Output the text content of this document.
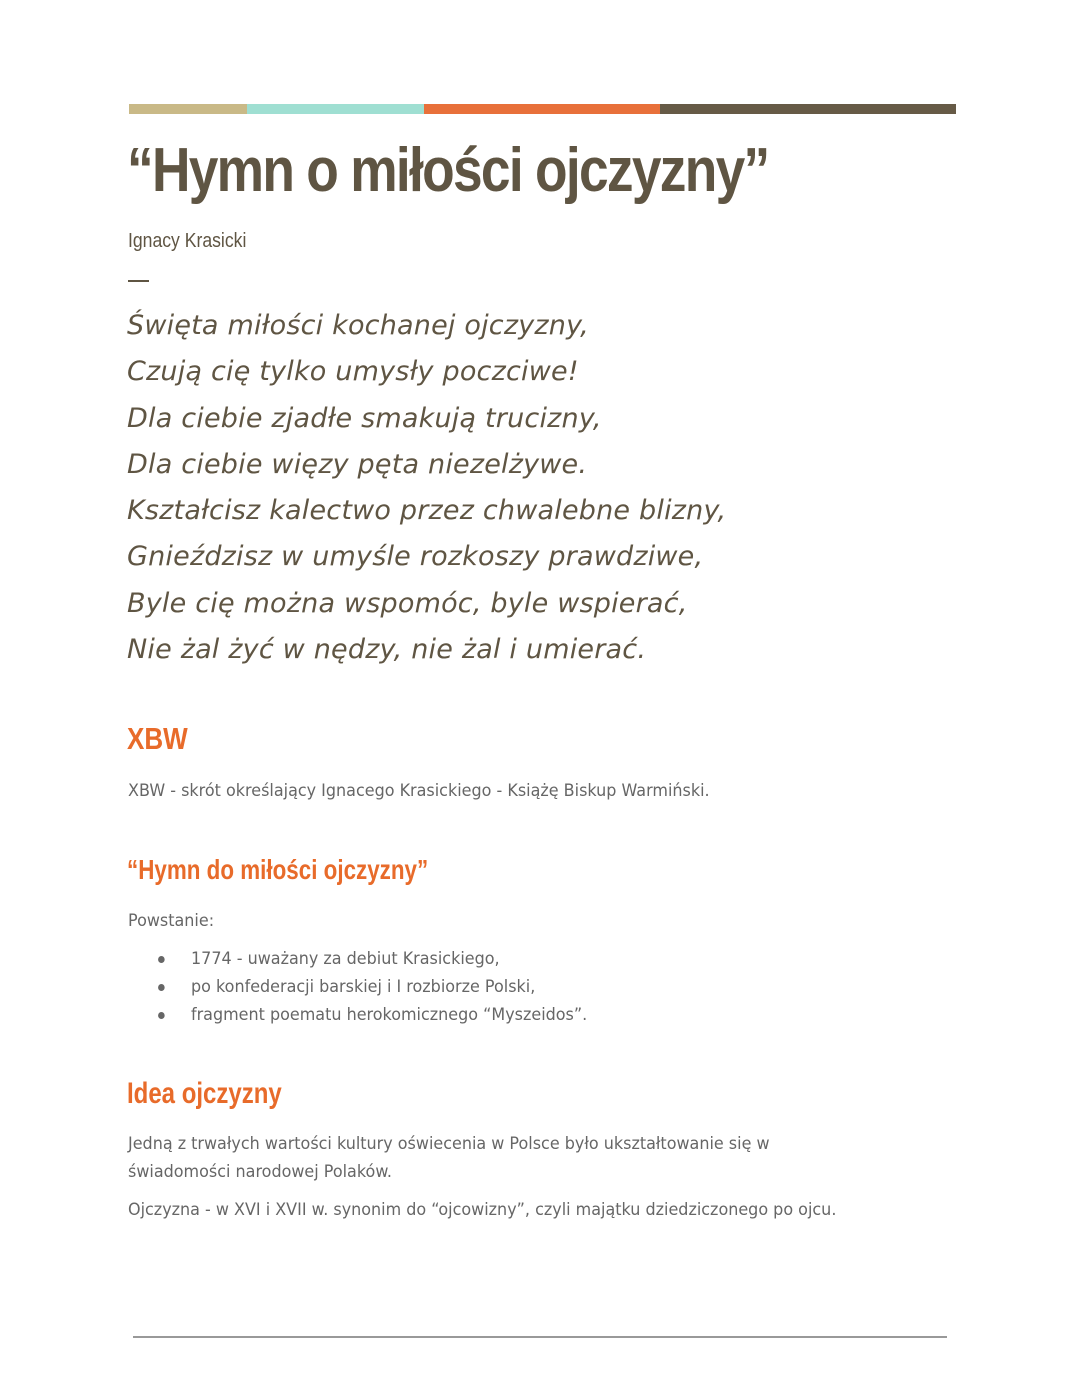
“Hymn o miłości ojczyzny”

Ignacy Krasicki

Święta miłości kochanej ojczyzny,
Czują cię tylko umysły poczciwe!
Dla ciebie zjadłe smakują trucizny,
Dla ciebie więzy pęta niezelżywe.
Kształcisz kalectwo przez chwalebne blizny,
Gnieździsz w umyśle rozkoszy prawdziwe,
Byle cię można wspomóc, byle wspierać,
Nie żal żyć w nędzy, nie żal i umierać.
XBW

XBW - skrót określający Ignacego Krasickiego - Książę Biskup Warmiński.

“Hymn do miłości ojczyzny”

Powstanie:

1774 - uważany za debiut Krasickiego,
po konfederacji barskiej i I rozbiorze Polski,
fragment poematu herokomicznego “Myszeidos”.
Idea ojczyzny

Jedną z trwałych wartości kultury oświecenia w Polsce było ukształtowanie się w
świadomości narodowej Polaków.

Ojczyzna - w XVI i XVII w. synonim do “ojcowizny”, czyli majątku dziedziczonego po ojcu.
